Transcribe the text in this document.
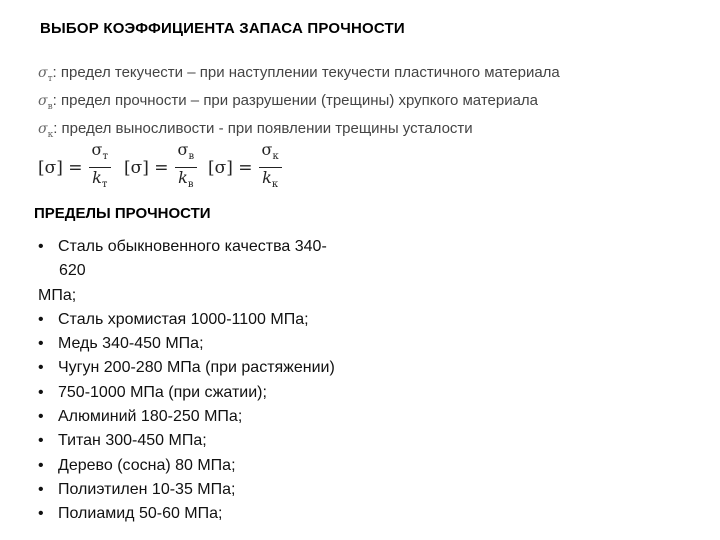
ВЫБОР КОЭФФИЦИЕНТА ЗАПАСА ПРОЧНОСТИ
$\sigma_т$: предел текучести – при наступлении текучести пластичного материала
$\sigma_в$: предел прочности – при разрушении (трещины) хрупкого материала
$\sigma_к$: предел выносливости - при появлении трещины усталости
$[\sigma] = \frac{\sigma_т}{k_т} [\sigma] = \frac{\sigma_в}{k_в} [\sigma] = \frac{\sigma_к}{k_к}$
ПРЕДЕЛЫ ПРОЧНОСТИ
• Сталь обыкновенного качества 340-
620
МПа;
• Сталь хромистая 1000-1100 МПа;
• Медь 340-450 МПа;
• Чугун 200-280 МПа (при растяжении)
• 750-1000 МПа (при сжатии);
• Алюминий 180-250 МПа;
• Титан 300-450 МПа;
• Дерево (сосна) 80 МПа;
• Полиэтилен 10-35 МПа;
• Полиамид 50-60 МПа;
